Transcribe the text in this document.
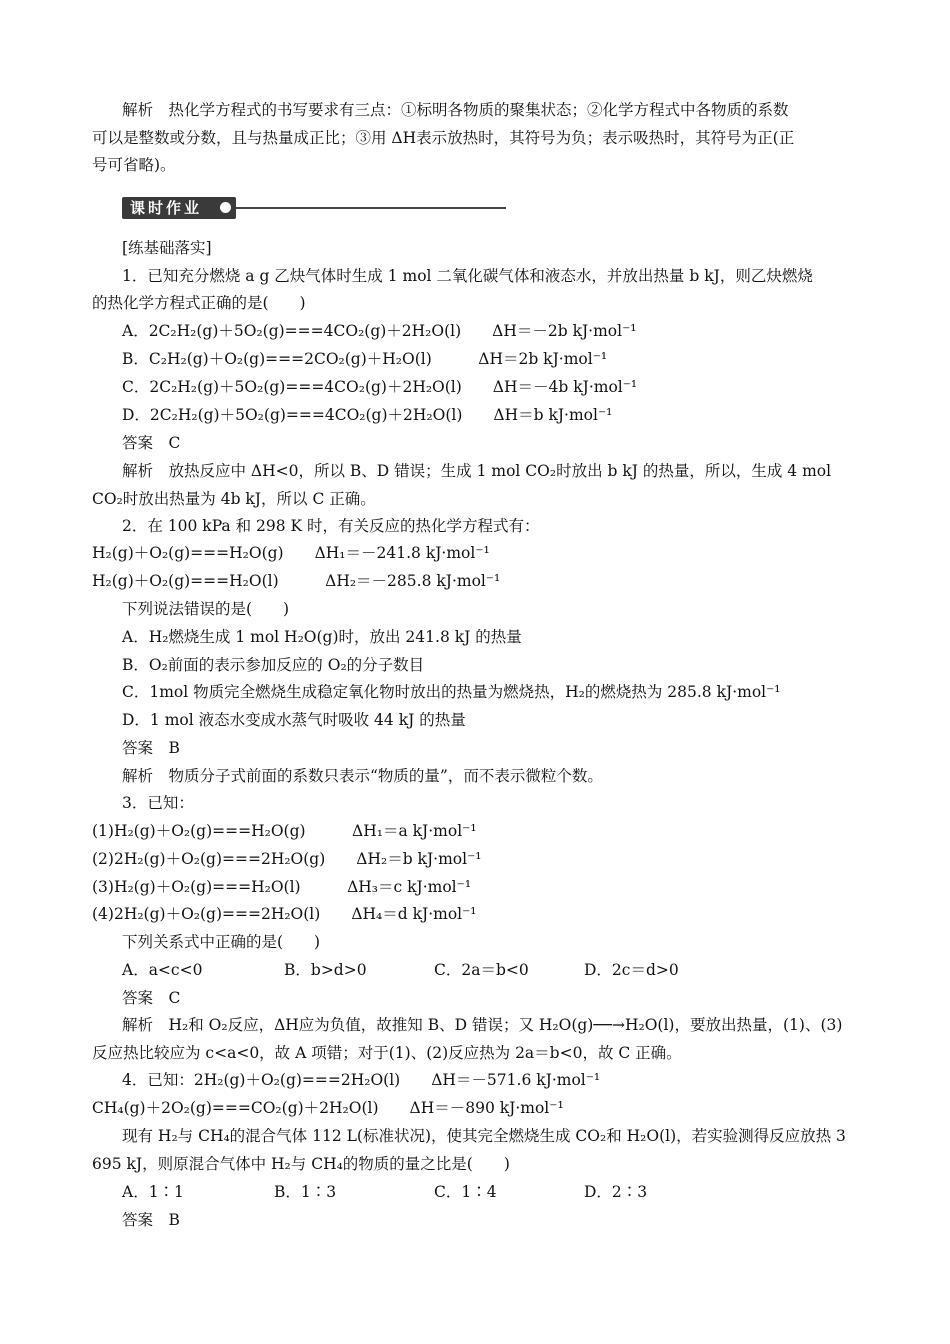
解析　热化学方程式的书写要求有三点：①标明各物质的聚集状态；②化学方程式中各物质的系数
可以是整数或分数，且与热量成正比；③用 ΔH表示放热时，其符号为负；表示吸热时，其符号为正(正
号可省略)。
课时作业
[练基础落实]
1．已知充分燃烧 a g 乙炔气体时生成 1 mol 二氧化碳气体和液态水，并放出热量 b kJ，则乙炔燃烧
的热化学方程式正确的是(　　)
A．2C₂H₂(g)＋5O₂(g)===4CO₂(g)＋2H₂O(l)　　ΔH＝－2b kJ·mol⁻¹
B．C₂H₂(g)＋O₂(g)===2CO₂(g)＋H₂O(l)　　　ΔH＝2b kJ·mol⁻¹
C．2C₂H₂(g)＋5O₂(g)===4CO₂(g)＋2H₂O(l)　　ΔH＝－4b kJ·mol⁻¹
D．2C₂H₂(g)＋5O₂(g)===4CO₂(g)＋2H₂O(l)　　ΔH＝b kJ·mol⁻¹
答案　C
解析　放热反应中 ΔH<0，所以 B、D 错误；生成 1 mol CO₂时放出 b kJ 的热量，所以，生成 4 mol
CO₂时放出热量为 4b kJ，所以 C 正确。
2．在 100 kPa 和 298 K 时，有关反应的热化学方程式有：
H₂(g)＋O₂(g)===H₂O(g)　　ΔH₁＝－241.8 kJ·mol⁻¹
H₂(g)＋O₂(g)===H₂O(l)　　　ΔH₂＝－285.8 kJ·mol⁻¹
下列说法错误的是(　　)
A．H₂燃烧生成 1 mol H₂O(g)时，放出 241.8 kJ 的热量
B．O₂前面的表示参加反应的 O₂的分子数目
C．1mol 物质完全燃烧生成稳定氧化物时放出的热量为燃烧热，H₂的燃烧热为 285.8 kJ·mol⁻¹
D．1 mol 液态水变成水蒸气时吸收 44 kJ 的热量
答案　B
解析　物质分子式前面的系数只表示“物质的量”，而不表示微粒个数。
3．已知：
(1)H₂(g)＋O₂(g)===H₂O(g)　　　ΔH₁＝a kJ·mol⁻¹
(2)2H₂(g)＋O₂(g)===2H₂O(g)　　ΔH₂＝b kJ·mol⁻¹
(3)H₂(g)＋O₂(g)===H₂O(l)　　　ΔH₃＝c kJ·mol⁻¹
(4)2H₂(g)＋O₂(g)===2H₂O(l)　　ΔH₄＝d kJ·mol⁻¹
下列关系式中正确的是(　　)
A．a<c<0	B．b>d>0	C．2a＝b<0	D．2c＝d>0
答案　C
解析　H₂和 O₂反应，ΔH应为负值，故推知 B、D 错误；又 H₂O(g)──→H₂O(l)，要放出热量，(1)、(3)
反应热比较应为 c<a<0，故 A 项错；对于(1)、(2)反应热为 2a＝b<0，故 C 正确。
4．已知：2H₂(g)＋O₂(g)===2H₂O(l)　　ΔH＝－571.6 kJ·mol⁻¹
CH₄(g)＋2O₂(g)===CO₂(g)＋2H₂O(l)　　ΔH＝－890 kJ·mol⁻¹
现有 H₂与 CH₄的混合气体 112 L(标准状况)，使其完全燃烧生成 CO₂和 H₂O(l)，若实验测得反应放热 3
695 kJ，则原混合气体中 H₂与 CH₄的物质的量之比是(　　)
A．1∶1	B．1∶3	C．1∶4	D．2∶3
答案　B
